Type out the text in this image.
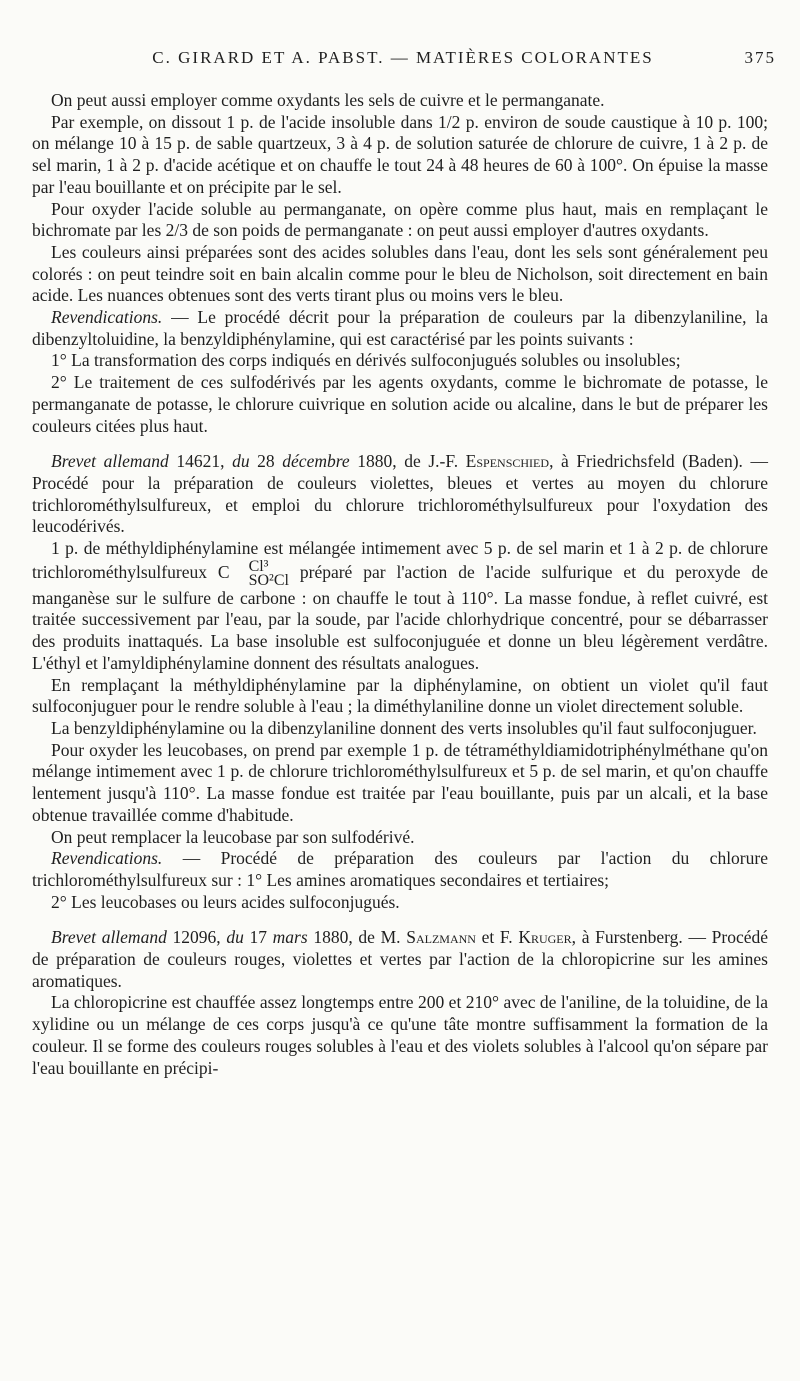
C. GIRARD ET A. PABST. — MATIÈRES COLORANTES	375

On peut aussi employer comme oxydants les sels de cuivre et le permanganate.

Par exemple, on dissout 1 p. de l'acide insoluble dans 1/2 p. environ de soude caustique à 10 p. 100; on mélange 10 à 15 p. de sable quartzeux, 3 à 4 p. de solution saturée de chlorure de cuivre, 1 à 2 p. de sel marin, 1 à 2 p. d'acide acétique et on chauffe le tout 24 à 48 heures de 60 à 100°. On épuise la masse par l'eau bouillante et on précipite par le sel.

Pour oxyder l'acide soluble au permanganate, on opère comme plus haut, mais en remplaçant le bichromate par les 2/3 de son poids de permanganate : on peut aussi employer d'autres oxydants.

Les couleurs ainsi préparées sont des acides solubles dans l'eau, dont les sels sont généralement peu colorés : on peut teindre soit en bain alcalin comme pour le bleu de Nicholson, soit directement en bain acide. Les nuances obtenues sont des verts tirant plus ou moins vers le bleu.

Revendications. — Le procédé décrit pour la préparation de couleurs par la dibenzylaniline, la dibenzyltoluidine, la benzyldiphénylamine, qui est caractérisé par les points suivants :

1° La transformation des corps indiqués en dérivés sulfoconjugués solubles ou insolubles;

2° Le traitement de ces sulfodérivés par les agents oxydants, comme le bichromate de potasse, le permanganate de potasse, le chlorure cuivrique en solution acide ou alcaline, dans le but de préparer les couleurs citées plus haut.

Brevet allemand 14621, du 28 décembre 1880, de J.-F. Espenschied, à Friedrichsfeld (Baden). — Procédé pour la préparation de couleurs violettes, bleues et vertes au moyen du chlorure trichlorométhylsulfureux, et emploi du chlorure trichlorométhylsulfureux pour l'oxydation des leucodérivés.

1 p. de méthyldiphénylamine est mélangée intimement avec 5 p. de sel marin et 1 à 2 p. de chlorure trichlorométhylsulfureux C	Cl³
SO²Cl préparé par l'action de l'acide sulfurique et du peroxyde de manganèse sur le sulfure de carbone : on chauffe le tout à 110°. La masse fondue, à reflet cuivré, est traitée successivement par l'eau, par la soude, par l'acide chlorhydrique concentré, pour se débarrasser des produits inattaqués. La base insoluble est sulfoconjuguée et donne un bleu légèrement verdâtre. L'éthyl et l'amyldiphénylamine donnent des résultats analogues.

En remplaçant la méthyldiphénylamine par la diphénylamine, on obtient un violet qu'il faut sulfoconjuguer pour le rendre soluble à l'eau ; la diméthylaniline donne un violet directement soluble.

La benzyldiphénylamine ou la dibenzylaniline donnent des verts insolubles qu'il faut sulfoconjuguer.

Pour oxyder les leucobases, on prend par exemple 1 p. de tétraméthyldiamidotriphénylméthane qu'on mélange intimement avec 1 p. de chlorure trichlorométhylsulfureux et 5 p. de sel marin, et qu'on chauffe lentement jusqu'à 110°. La masse fondue est traitée par l'eau bouillante, puis par un alcali, et la base obtenue travaillée comme d'habitude.

On peut remplacer la leucobase par son sulfodérivé.

Revendications. — Procédé de préparation des couleurs par l'action du chlorure trichlorométhylsulfureux sur : 1° Les amines aromatiques secondaires et tertiaires;

2° Les leucobases ou leurs acides sulfoconjugués.

Brevet allemand 12096, du 17 mars 1880, de M. Salzmann et F. Kruger, à Furstenberg. — Procédé de préparation de couleurs rouges, violettes et vertes par l'action de la chloropicrine sur les amines aromatiques.

La chloropicrine est chauffée assez longtemps entre 200 et 210° avec de l'aniline, de la toluidine, de la xylidine ou un mélange de ces corps jusqu'à ce qu'une tâte montre suffisamment la formation de la couleur. Il se forme des couleurs rouges solubles à l'eau et des violets solubles à l'alcool qu'on sépare par l'eau bouillante en précipi-
